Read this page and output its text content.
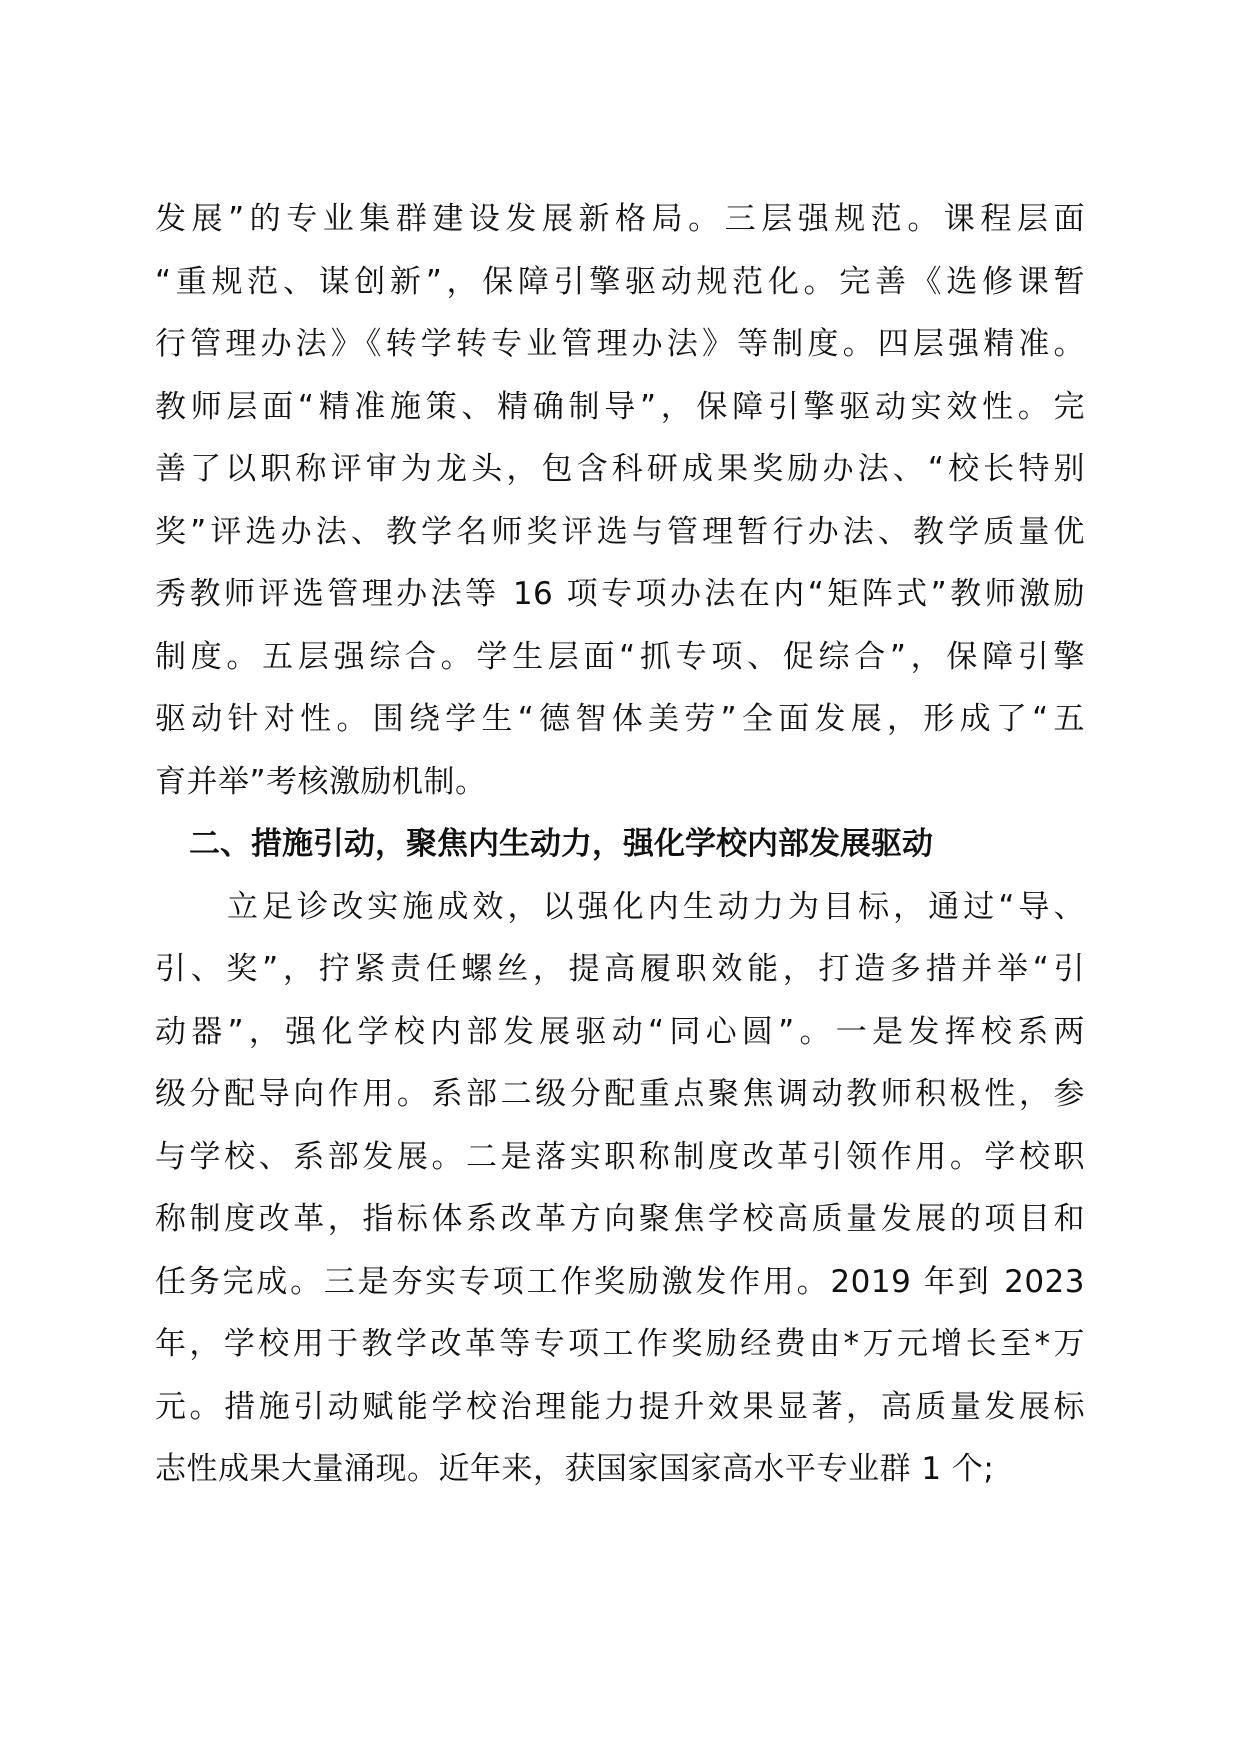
发展”的专业集群建设发展新格局。三层强规范。课程层面
“重规范、谋创新”，保障引擎驱动规范化。完善《选修课暂
行管理办法》《转学转专业管理办法》等制度。四层强精准。
教师层面“精准施策、精确制导”，保障引擎驱动实效性。完
善了以职称评审为龙头，包含科研成果奖励办法、“校长特别
奖”评选办法、教学名师奖评选与管理暂行办法、教学质量优
秀教师评选管理办法等 16 项专项办法在内“矩阵式”教师激励
制度。五层强综合。学生层面“抓专项、促综合”，保障引擎
驱动针对性。围绕学生“德智体美劳”全面发展，形成了“五
育并举”考核激励机制。
二、措施引动，聚焦内生动力，强化学校内部发展驱动
立足诊改实施成效，以强化内生动力为目标，通过“导、
引、奖”，拧紧责任螺丝，提高履职效能，打造多措并举“引
动器”，强化学校内部发展驱动“同心圆”。一是发挥校系两
级分配导向作用。系部二级分配重点聚焦调动教师积极性，参
与学校、系部发展。二是落实职称制度改革引领作用。学校职
称制度改革，指标体系改革方向聚焦学校高质量发展的项目和
任务完成。三是夯实专项工作奖励激发作用。2019 年到 2023
年，学校用于教学改革等专项工作奖励经费由*万元增长至*万
元。措施引动赋能学校治理能力提升效果显著，高质量发展标
志性成果大量涌现。近年来，获国家国家高水平专业群 1 个;
